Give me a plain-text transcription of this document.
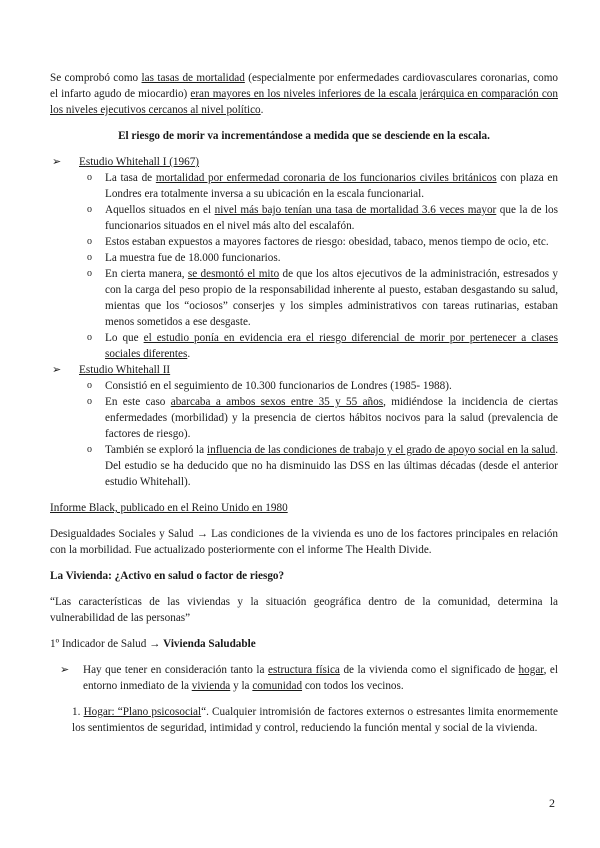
Se comprobó como las tasas de mortalidad (especialmente por enfermedades cardiovasculares coronarias, como el infarto agudo de miocardio) eran mayores en los niveles inferiores de la escala jerárquica en comparación con los niveles ejecutivos cercanos al nivel político.

El riesgo de morir va incrementándose a medida que se desciende en la escala.

➢ Estudio Whitehall I (1967)
o La tasa de mortalidad por enfermedad coronaria de los funcionarios civiles británicos con plaza en Londres era totalmente inversa a su ubicación en la escala funcionarial.
o Aquellos situados en el nivel más bajo tenían una tasa de mortalidad 3.6 veces mayor que la de los funcionarios situados en el nivel más alto del escalafón.
o Estos estaban expuestos a mayores factores de riesgo: obesidad, tabaco, menos tiempo de ocio, etc.
o La muestra fue de 18.000 funcionarios.
o En cierta manera, se desmontó el mito de que los altos ejecutivos de la administración, estresados y con la carga del peso propio de la responsabilidad inherente al puesto, estaban desgastando su salud, mientas que los “ociosos” conserjes y los simples administrativos con tareas rutinarias, estaban menos sometidos a ese desgaste.
o Lo que el estudio ponía en evidencia era el riesgo diferencial de morir por pertenecer a clases sociales diferentes.
➢ Estudio Whitehall II
o Consistió en el seguimiento de 10.300 funcionarios de Londres (1985- 1988).
o En este caso abarcaba a ambos sexos entre 35 y 55 años, midiéndose la incidencia de ciertas enfermedades (morbilidad) y la presencia de ciertos hábitos nocivos para la salud (prevalencia de factores de riesgo).
o También se exploró la influencia de las condiciones de trabajo y el grado de apoyo social en la salud. Del estudio se ha deducido que no ha disminuido las DSS en las últimas décadas (desde el anterior estudio Whitehall).

Informe Black, publicado en el Reino Unido en 1980

Desigualdades Sociales y Salud → Las condiciones de la vivienda es uno de los factores principales en relación con la morbilidad. Fue actualizado posteriormente con el informe The Health Divide.

La Vivienda: ¿Activo en salud o factor de riesgo?

“Las características de las viviendas y la situación geográfica dentro de la comunidad, determina la vulnerabilidad de las personas”

1º Indicador de Salud → Vivienda Saludable

➢ Hay que tener en consideración tanto la estructura física de la vivienda como el significado de hogar, el entorno inmediato de la vivienda y la comunidad con todos los vecinos.

1. Hogar: “Plano psicosocial“. Cualquier intromisión de factores externos o estresantes limita enormemente los sentimientos de seguridad, intimidad y control, reduciendo la función mental y social de la vivienda.

2
